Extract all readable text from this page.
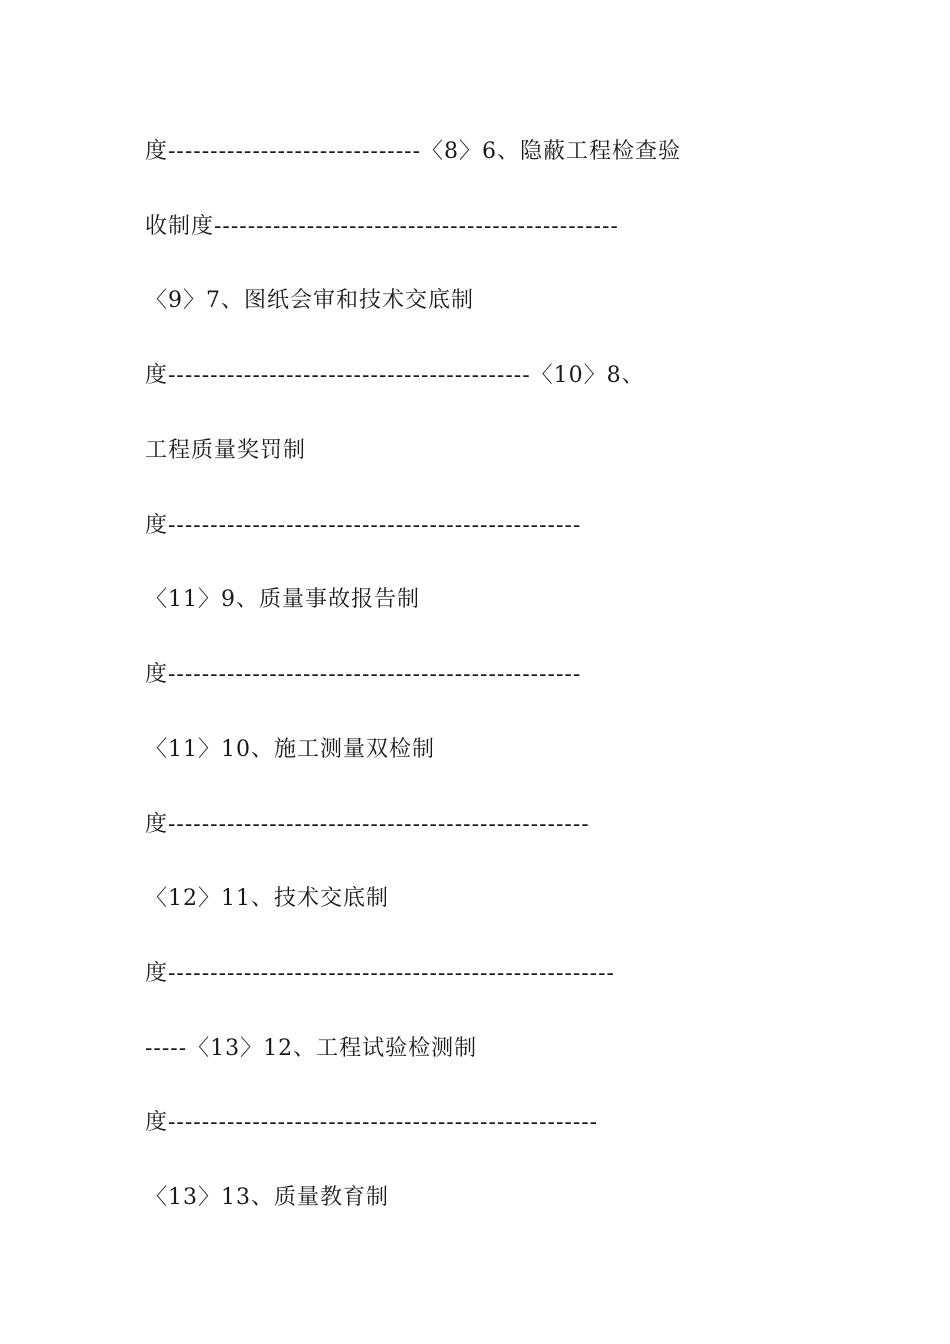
度------------------------------〈8〉6、隐蔽工程检查验
收制度------------------------------------------------
〈9〉7、图纸会审和技术交底制
度-------------------------------------------〈10〉8、
工程质量奖罚制
度-------------------------------------------------
〈11〉9、质量事故报告制
度-------------------------------------------------
〈11〉10、施工测量双检制
度--------------------------------------------------
〈12〉11、技术交底制
度-----------------------------------------------------
-----〈13〉12、工程试验检测制
度---------------------------------------------------
〈13〉13、质量教育制
